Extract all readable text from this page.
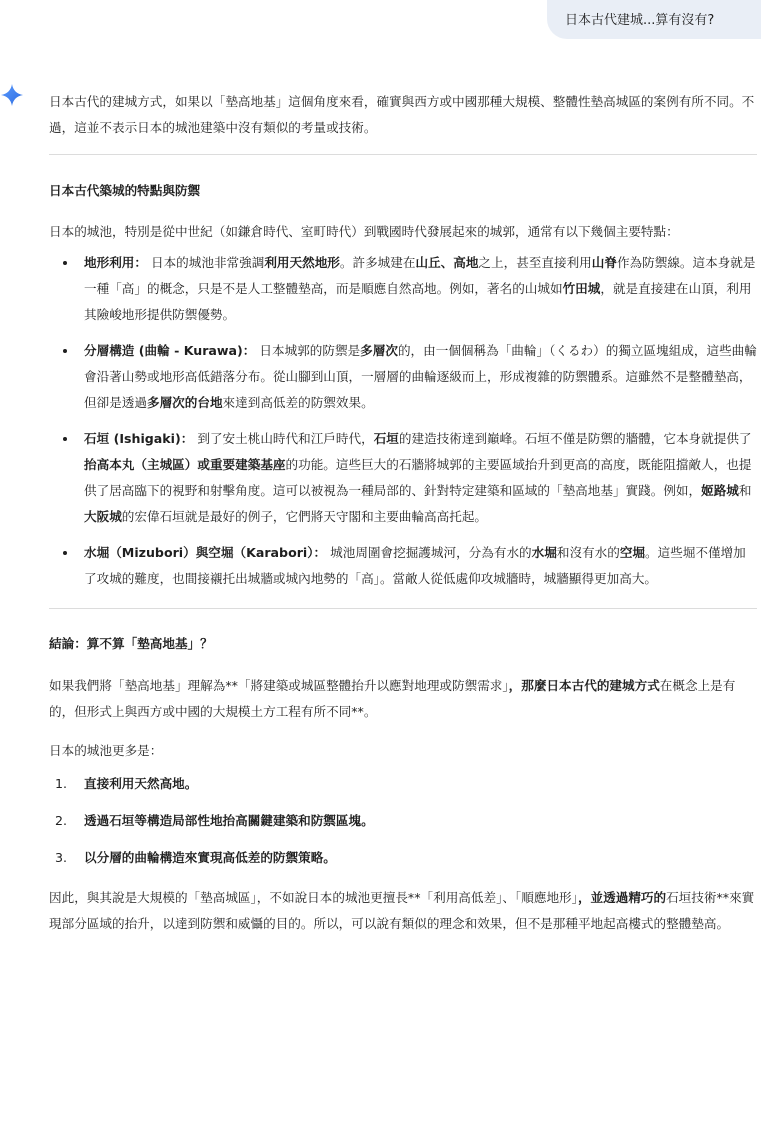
日本古代建城...算有沒有?

日本古代的建城方式，如果以「墊高地基」這個角度來看，確實與西方或中國那種大規模、整體性墊高城區的案例有所不同。不過，這並不表示日本的城池建築中沒有類似的考量或技術。

日本古代築城的特點與防禦

日本的城池，特別是從中世紀（如鎌倉時代、室町時代）到戰國時代發展起來的城郭，通常有以下幾個主要特點：

地形利用： 日本的城池非常強調利用天然地形。許多城建在山丘、高地之上，甚至直接利用山脊作為防禦線。這本身就是一種「高」的概念，只是不是人工整體墊高，而是順應自然高地。例如，著名的山城如竹田城，就是直接建在山頂，利用其險峻地形提供防禦優勢。
分層構造 (曲輪 - Kurawa)： 日本城郭的防禦是多層次的，由一個個稱為「曲輪」（くるわ）的獨立區塊組成，這些曲輪會沿著山勢或地形高低錯落分布。從山腳到山頂，一層層的曲輪逐級而上，形成複雜的防禦體系。這雖然不是整體墊高，但卻是透過多層次的台地來達到高低差的防禦效果。
石垣 (Ishigaki)： 到了安土桃山時代和江戶時代，石垣的建造技術達到巔峰。石垣不僅是防禦的牆體，它本身就提供了抬高本丸（主城區）或重要建築基座的功能。這些巨大的石牆將城郭的主要區域抬升到更高的高度，既能阻擋敵人，也提供了居高臨下的視野和射擊角度。這可以被視為一種局部的、針對特定建築和區域的「墊高地基」實踐。例如，姬路城和大阪城的宏偉石垣就是最好的例子，它們將天守閣和主要曲輪高高托起。
水堀（Mizubori）與空堀（Karabori）： 城池周圍會挖掘護城河，分為有水的水堀和沒有水的空堀。這些堀不僅增加了攻城的難度，也間接襯托出城牆或城內地勢的「高」。當敵人從低處仰攻城牆時，城牆顯得更加高大。

結論：算不算「墊高地基」？

如果我們將「墊高地基」理解為**「將建築或城區整體抬升以應對地理或防禦需求」，那麼日本古代的建城方式在概念上是有的，但形式上與西方或中國的大規模土方工程有所不同**。

日本的城池更多是：

1. 直接利用天然高地。
2. 透過石垣等構造局部性地抬高關鍵建築和防禦區塊。
3. 以分層的曲輪構造來實現高低差的防禦策略。

因此，與其說是大規模的「墊高城區」，不如說日本的城池更擅長**「利用高低差」、「順應地形」，並透過精巧的石垣技術**來實現部分區域的抬升，以達到防禦和威懾的目的。所以，可以說有類似的理念和效果，但不是那種平地起高樓式的整體墊高。
